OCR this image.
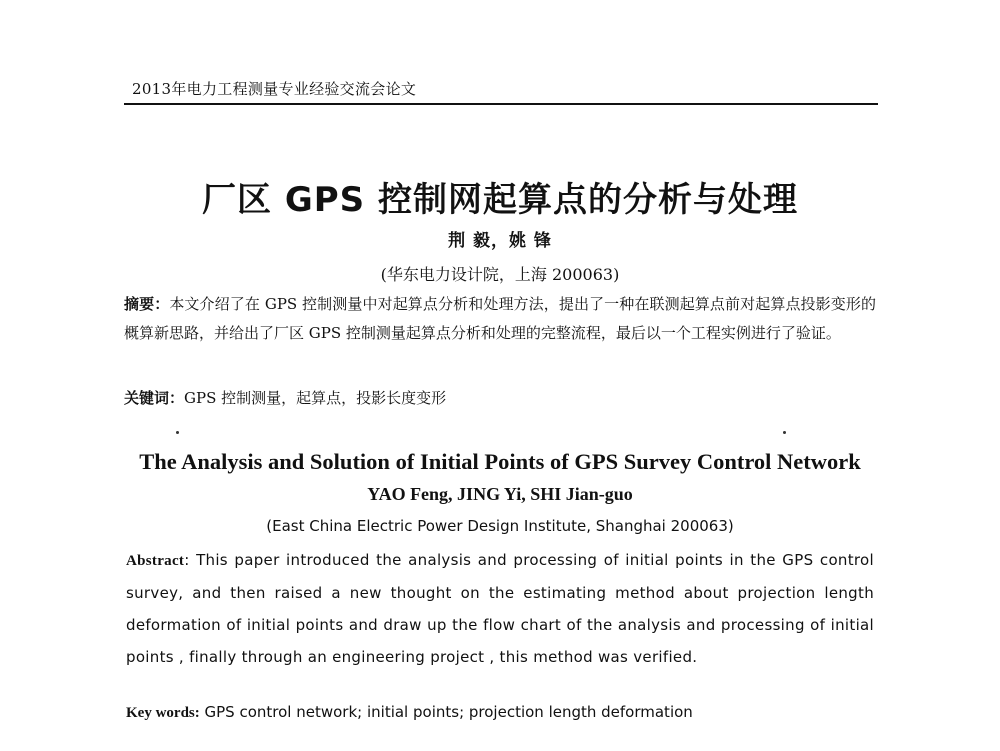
2013年电力工程测量专业经验交流会论文
厂区 GPS 控制网起算点的分析与处理
荆 毅，姚 锋
(华东电力设计院，上海 200063)
摘要：本文介绍了在 GPS 控制测量中对起算点分析和处理方法，提出了一种在联测起算点前对起算点投影变形的概算新思路，并给出了厂区 GPS 控制测量起算点分析和处理的完整流程，最后以一个工程实例进行了验证。
关键词：GPS 控制测量，起算点，投影长度变形
The Analysis and Solution of Initial Points of GPS Survey Control Network
YAO Feng, JING Yi, SHI Jian-guo
(East China Electric Power Design Institute, Shanghai 200063)
Abstract: This paper introduced the analysis and processing of initial points in the GPS control survey, and then raised a new thought on the estimating method about projection length deformation of initial points and draw up the flow chart of the analysis and processing of initial points , finally through an engineering project , this method was verified.
Key words: GPS control network; initial points; projection length deformation
